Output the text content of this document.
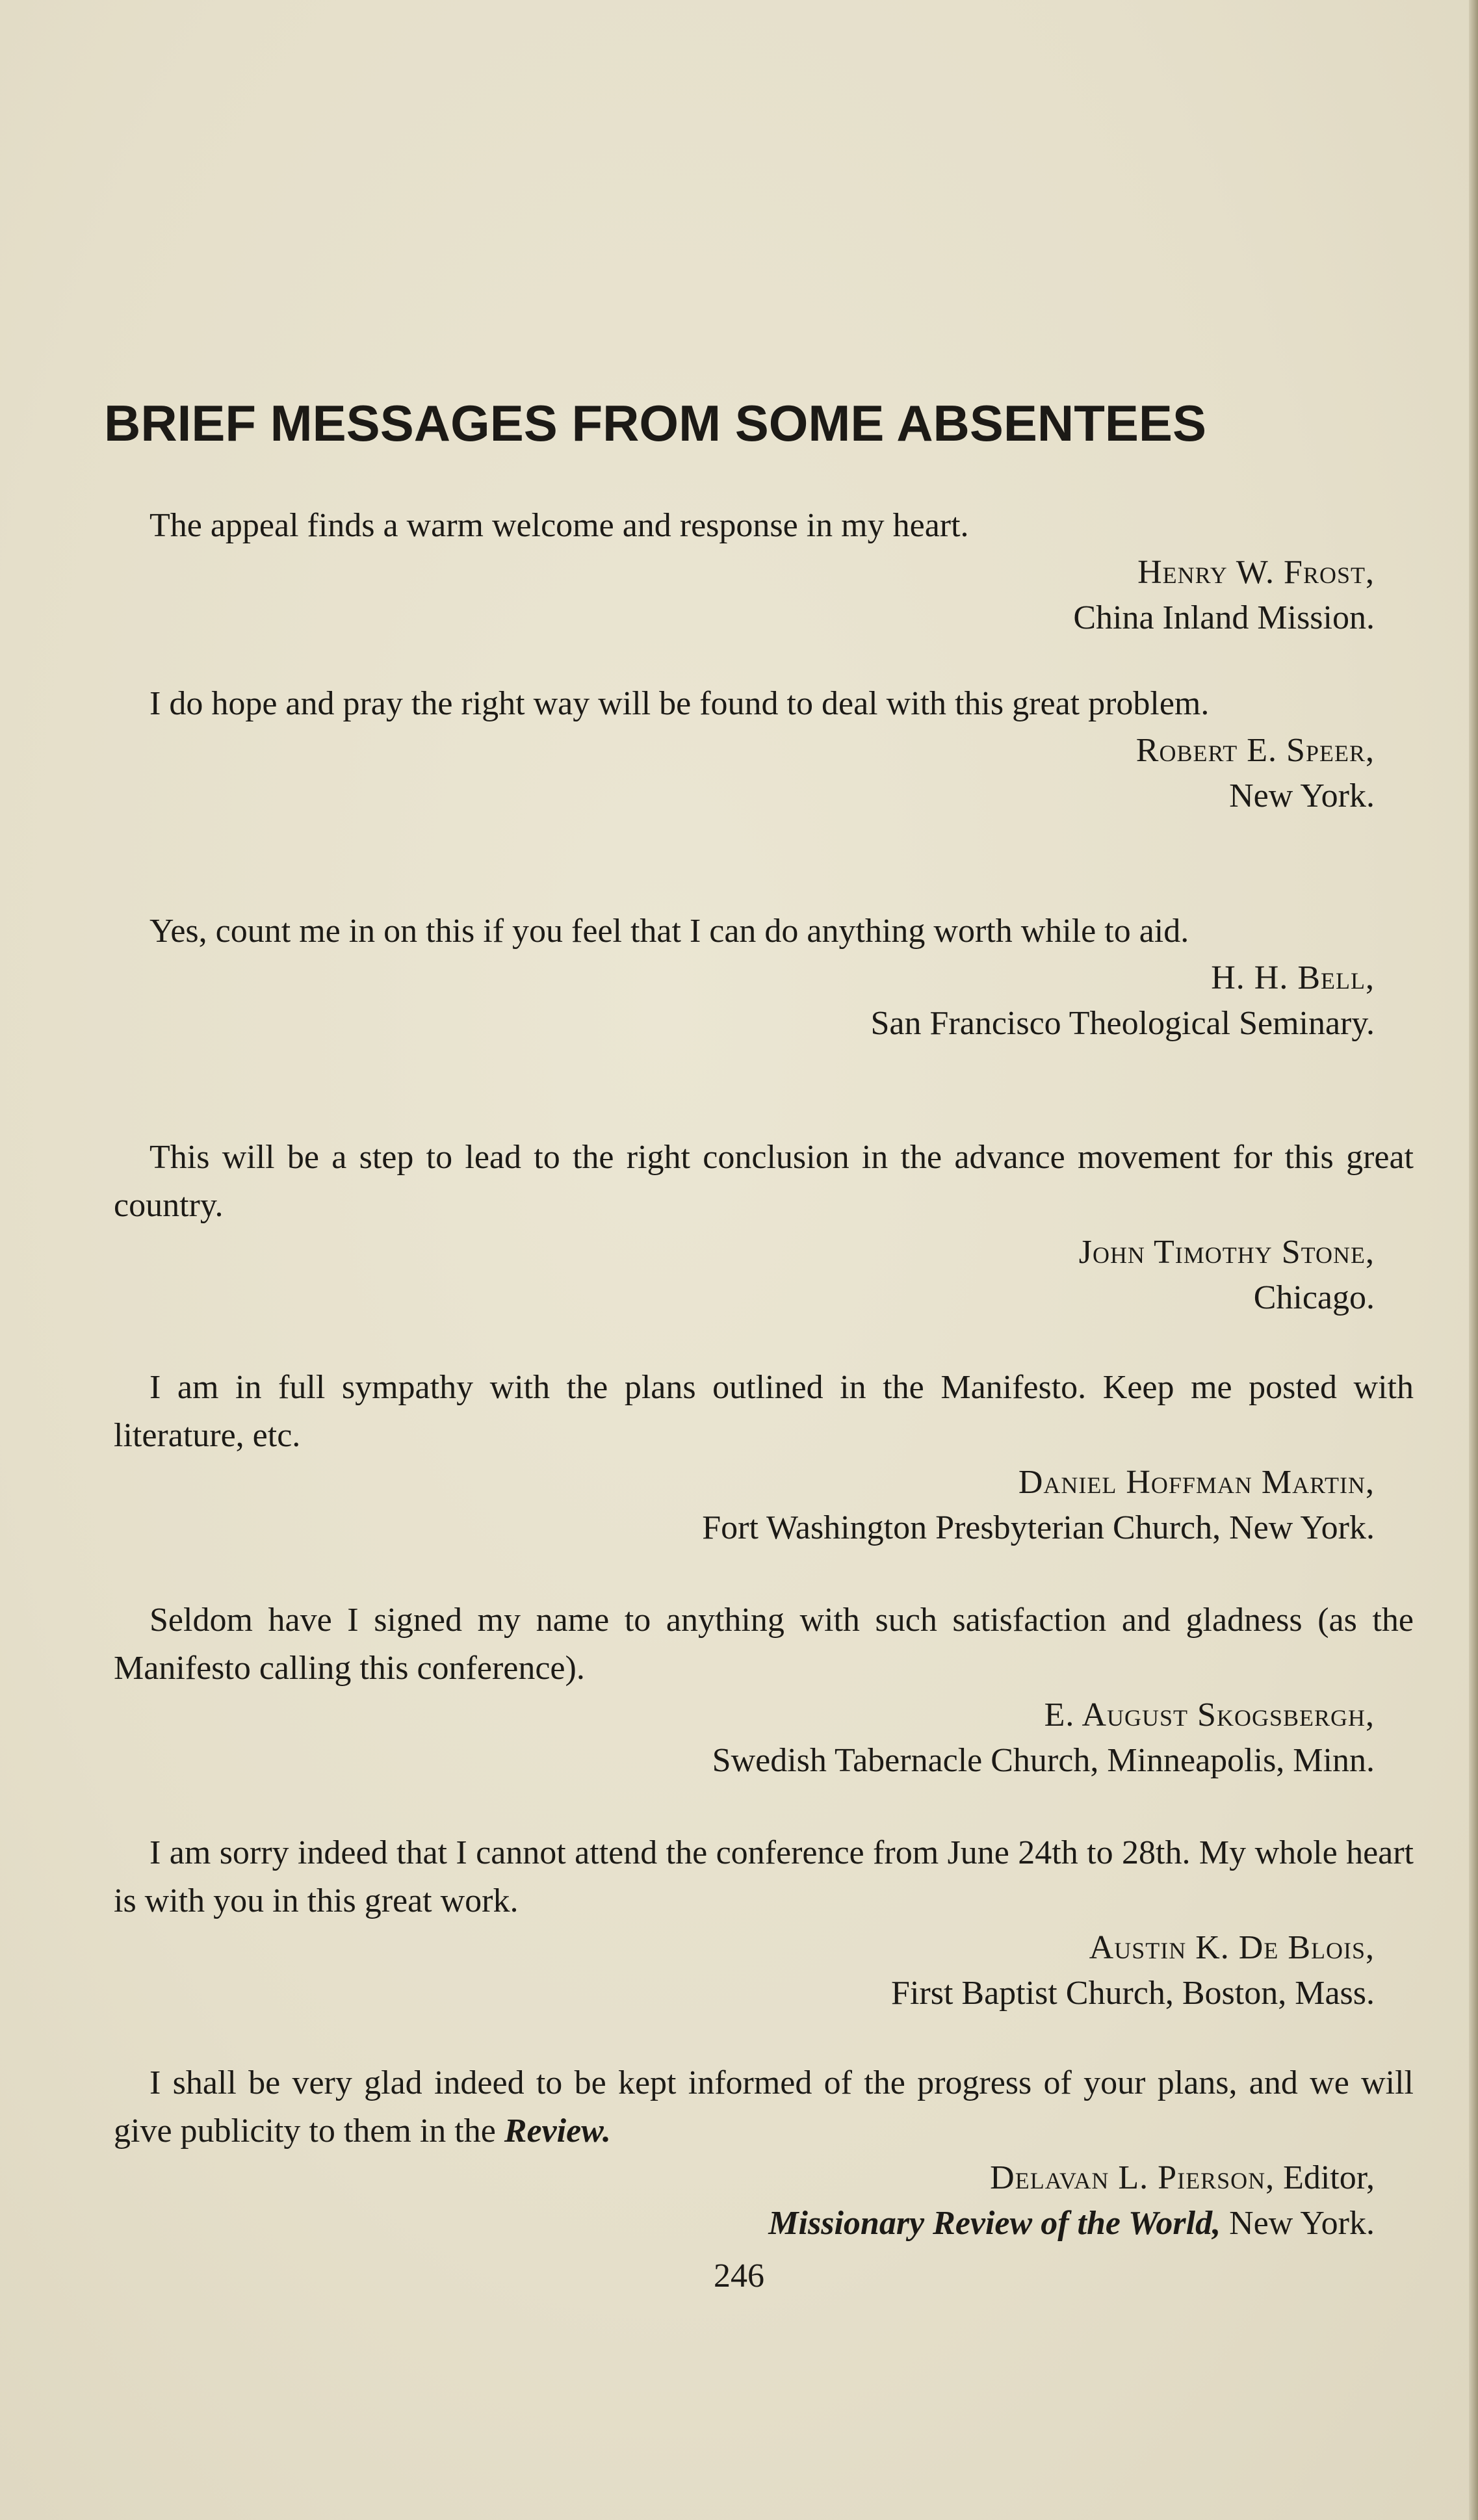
BRIEF MESSAGES FROM SOME ABSENTEES

The appeal finds a warm welcome and response in my heart.

Henry W. Frost,

China Inland Mission.

I do hope and pray the right way will be found to deal with this great problem.

Robert E. Speer,

New York.

Yes, count me in on this if you feel that I can do anything worth while to aid.

H. H. Bell,

San Francisco Theological Seminary.

This will be a step to lead to the right conclusion in the advance movement for this great country.

John Timothy Stone,

Chicago.

I am in full sympathy with the plans outlined in the Manifesto. Keep me posted with literature, etc.

Daniel Hoffman Martin,

Fort Washington Presbyterian Church, New York.

Seldom have I signed my name to anything with such satisfaction and gladness (as the Manifesto calling this conference).

E. August Skogsbergh,

Swedish Tabernacle Church, Minneapolis, Minn.

I am sorry indeed that I cannot attend the conference from June 24th to 28th. My whole heart is with you in this great work.

Austin K. De Blois,

First Baptist Church, Boston, Mass.

I shall be very glad indeed to be kept informed of the progress of your plans, and we will give publicity to them in the Review.

Delavan L. Pierson, Editor,

Missionary Review of the World, New York.

246
